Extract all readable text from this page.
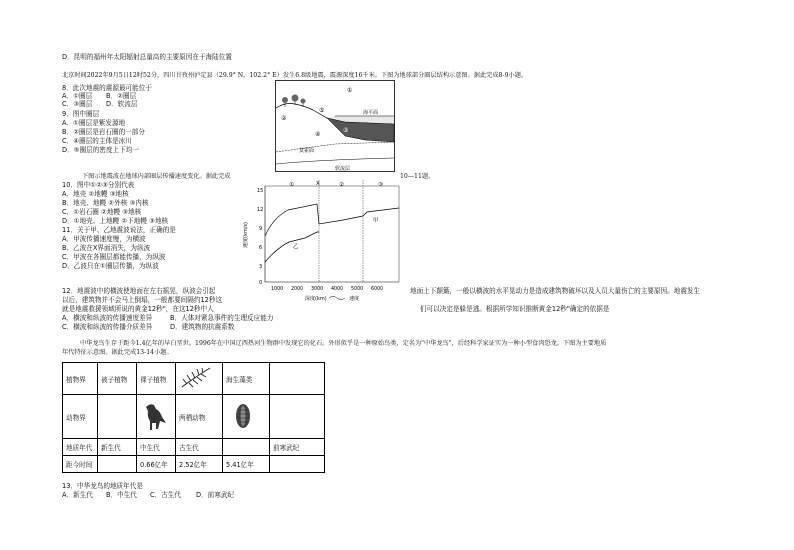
D．昆明的福州年太阳辐射总量高的主要原因在于海陆位置
北京时间2022年9月5日12时52分，四川甘孜州泸定县（29.9° N，102.2° E）发生6.8级地震，震源深度16千米。下图为地球部分圈层结构示意图。据此完成8-9小题。
8．此次地震的震源最可能位于
A．①圈层 B．②圈层
C．③圈层 D．软流层
9．图中圈层
A．①圈层是紫发源地
B．②圈层是岩石圈的一部分
C．④圈层的主体是冰川
D．⑤圈层的密度上下均一
①
②
③
④
⑤	海平面
莫霍面
软流层
下图示地震波在地球内部圈层传播速度变化。据此完成	10—11题。
10．图中①②③分别代表
A．地壳 ②地幔 ③地核
B．地壳、地幔 ②外核 ③内核
C．①岩石圈 ②地幔 ③地核
D．①地壳、上地幔 ②下地幔 ③地核
11．关于甲、乙地震波说法，正确的是
A．甲波传播速度慢，为横波
B．乙波在X界面消失，为纵波
C．甲波在各圈层都能传播，为纵波
D．乙波只在①圈层传播，为纵波
速度(km/s)
①	X	②	③
15
12
9
6
3
0
1000 2000 3000 4000 5000 6000
甲
乙
深度(km)	速度
12．地震波中的横波使地面在左右摇晃，纵波会引起	地面上下颠簸，一般以横波的水平晃动力是造成建筑物破坏以及人员大量伤亡的主要原因。地震发生
以后，建筑物并不会马上倒塌，一般都要间隔约12秒这
们可以决定是躲是逃。根据所学知识推断黄金12秒"确定的依据是
就是地震救援领域所说的黄金12秒"，在这12秒中人
A．横波和纵波的传播速度差异	B．人体对紧急事件的生理反应能力
C．横波和纵波的传播介质差异	D．建筑物的抗震系数
中华龙鸟生存于距今1.4亿年的早白垩世。1996年在中国辽西热河生物群中发现它的化石。外形似乎是一种原始鸟类，定名为"中华龙鸟"，后经科学家证实为一种小型食肉恐龙。下图为主要地质
年代特征示意图。据此完成13-14小题。
植物界	被子植物	裸子植物		海生藻类	
动物界			两栖动物		
地质年代	新生代	中生代	古生代		前寒武纪
距今时间		0.66亿年	2.52亿年	5.41亿年	
13．中华龙鸟的地质年代是
A．新生代 B．中生代 C．古生代 D．前寒武纪
